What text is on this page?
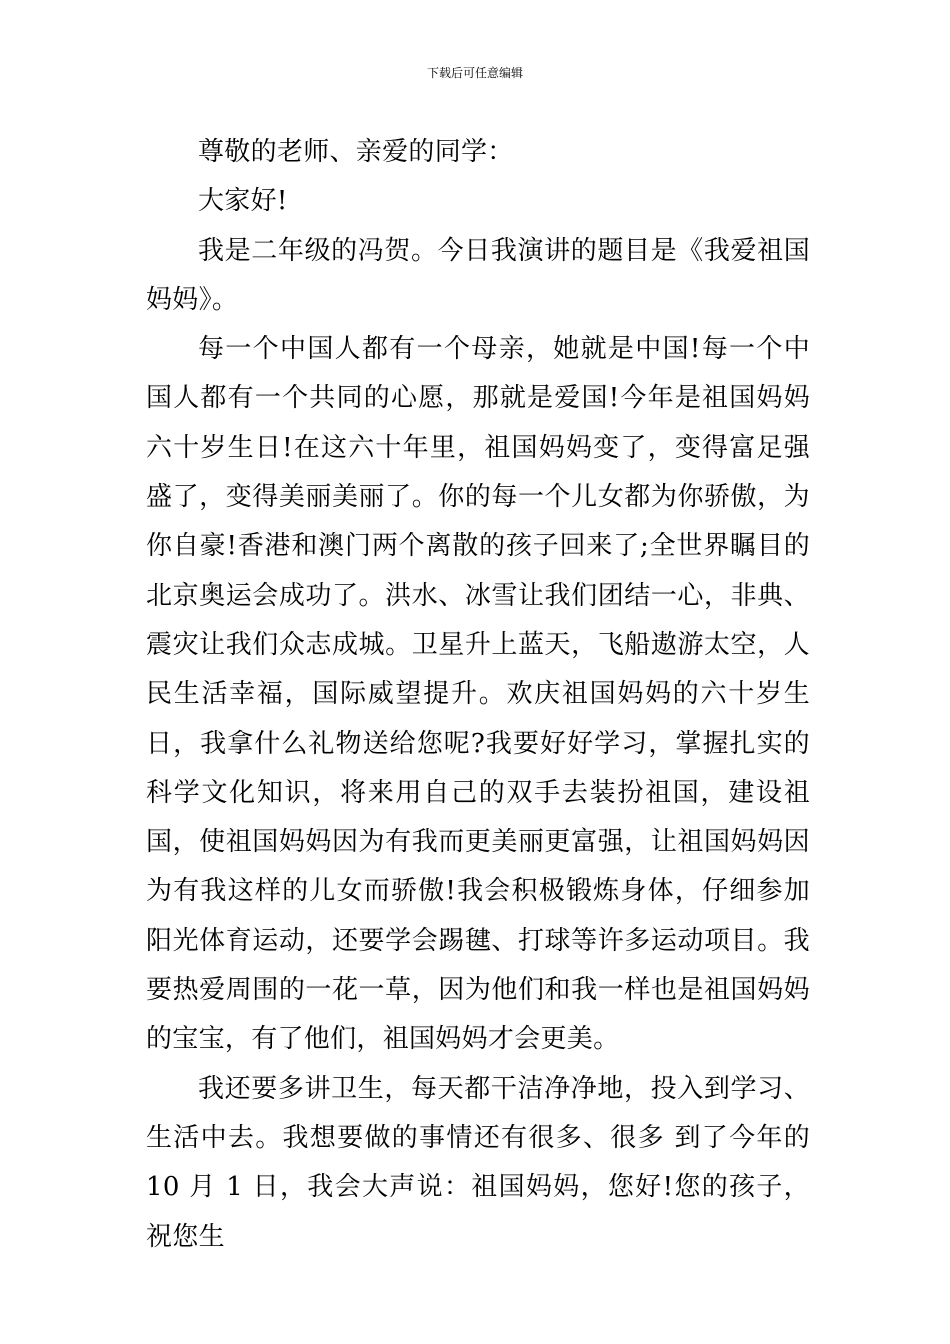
下载后可任意编辑

尊敬的老师、亲爱的同学：

大家好!

我是二年级的冯贺。今日我演讲的题目是《我爱祖国妈妈》。

每一个中国人都有一个母亲，她就是中国!每一个中国人都有一个共同的心愿，那就是爱国!今年是祖国妈妈六十岁生日!在这六十年里，祖国妈妈变了，变得富足强盛了，变得美丽美丽了。你的每一个儿女都为你骄傲，为你自豪!香港和澳门两个离散的孩子回来了;全世界瞩目的北京奥运会成功了。洪水、冰雪让我们团结一心，非典、震灾让我们众志成城。卫星升上蓝天，飞船遨游太空，人民生活幸福，国际威望提升。欢庆祖国妈妈的六十岁生日，我拿什么礼物送给您呢?我要好好学习，掌握扎实的科学文化知识，将来用自己的双手去装扮祖国，建设祖国，使祖国妈妈因为有我而更美丽更富强，让祖国妈妈因为有我这样的儿女而骄傲!我会积极锻炼身体，仔细参加阳光体育运动，还要学会踢毽、打球等许多运动项目。我要热爱周围的一花一草，因为他们和我一样也是祖国妈妈的宝宝，有了他们，祖国妈妈才会更美。

我还要多讲卫生，每天都干洁净净地，投入到学习、生活中去。我想要做的事情还有很多、很多 到了今年的 10 月 1 日，我会大声说：祖国妈妈，您好!您的孩子，祝您生
